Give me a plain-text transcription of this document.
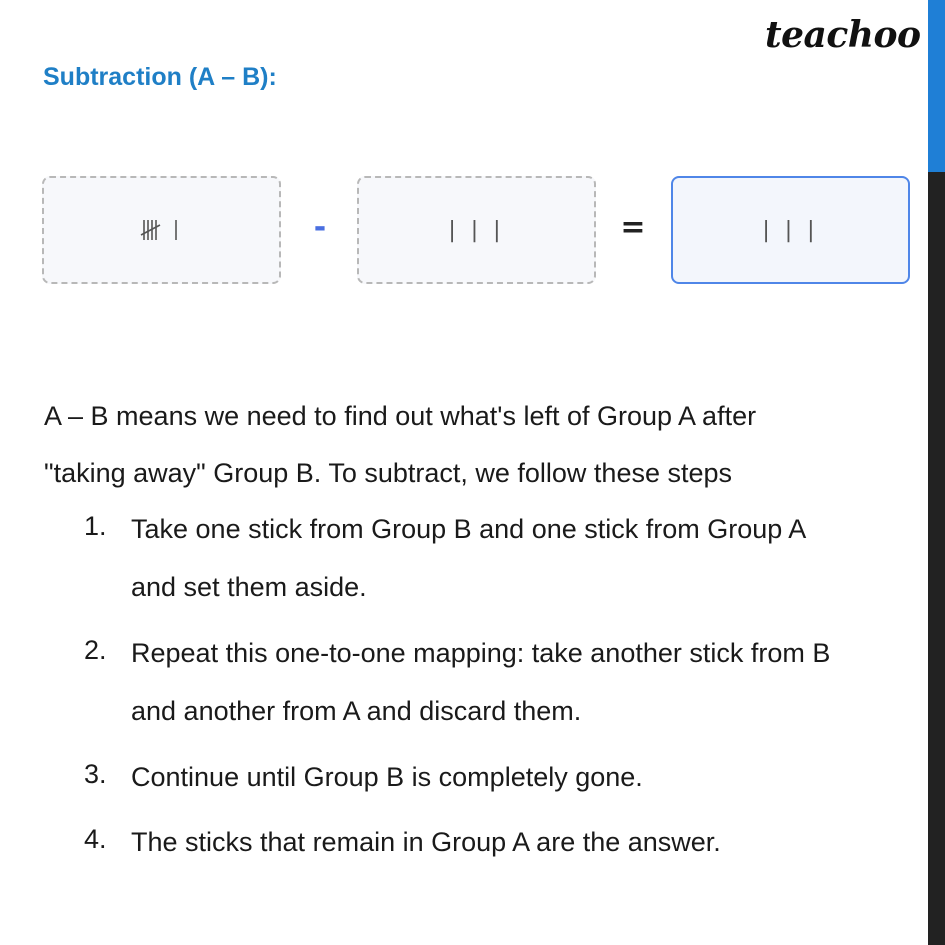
teachoo
Subtraction (A – B):
-	| | |	=	| | |
A – B means we need to find out what's left of Group A after
"taking away" Group B. To subtract, we follow these steps
1. Take one stick from Group B and one stick from Group A
and set them aside.
2. Repeat this one-to-one mapping: take another stick from B
and another from A and discard them.
3. Continue until Group B is completely gone.
4. The sticks that remain in Group A are the answer.
